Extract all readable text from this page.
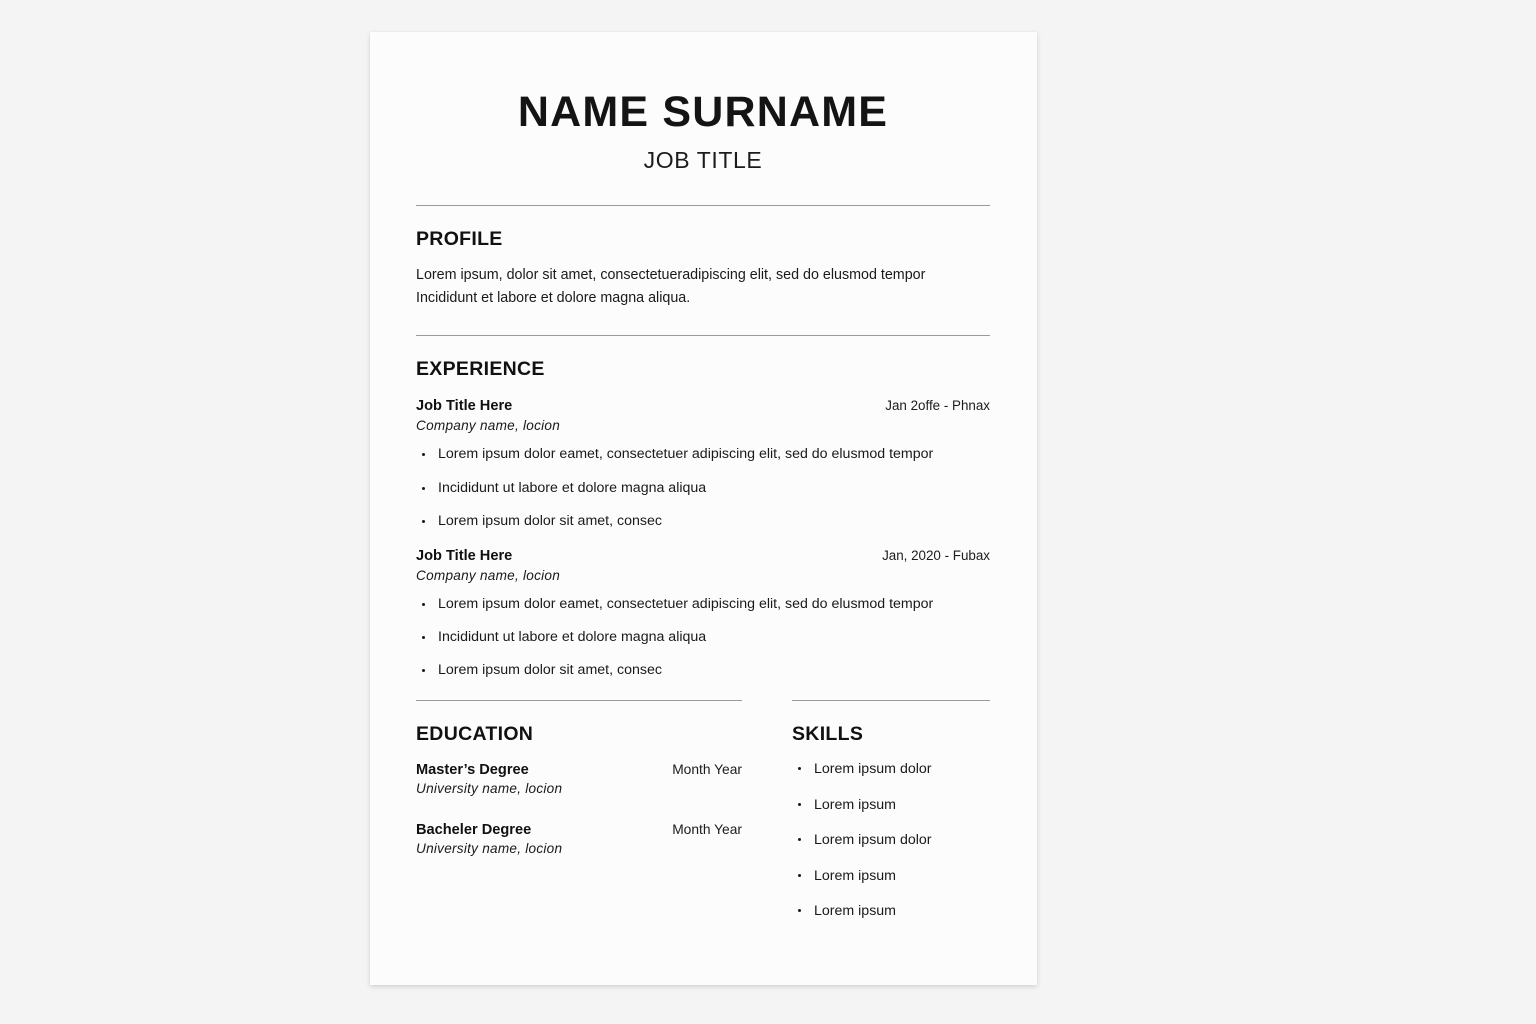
NAME SURNAME
JOB TITLE
PROFILE
Lorem ipsum, dolor sit amet, consectetueradipiscing elit, sed do elusmod tempor Incididunt et labore et dolore magna aliqua.
EXPERIENCE
Job Title Here	Jan 2offe - Phnax
Company name, locion
Lorem ipsum dolor eamet, consectetuer adipiscing elit, sed do elusmod tempor
Incididunt ut labore et dolore magna aliqua
Lorem ipsum dolor sit amet, consec
Job Title Here	Jan, 2020 - Fubax
Company name, locion
Lorem ipsum dolor eamet, consectetuer adipiscing elit, sed do elusmod tempor
Incididunt ut labore et dolore magna aliqua
Lorem ipsum dolor sit amet, consec
EDUCATION
Master’s Degree	Month Year
University name, locion
Bacheler Degree	Month Year
University name, locion
SKILLS
Lorem ipsum dolor
Lorem ipsum
Lorem ipsum dolor
Lorem ipsum
Lorem ipsum
